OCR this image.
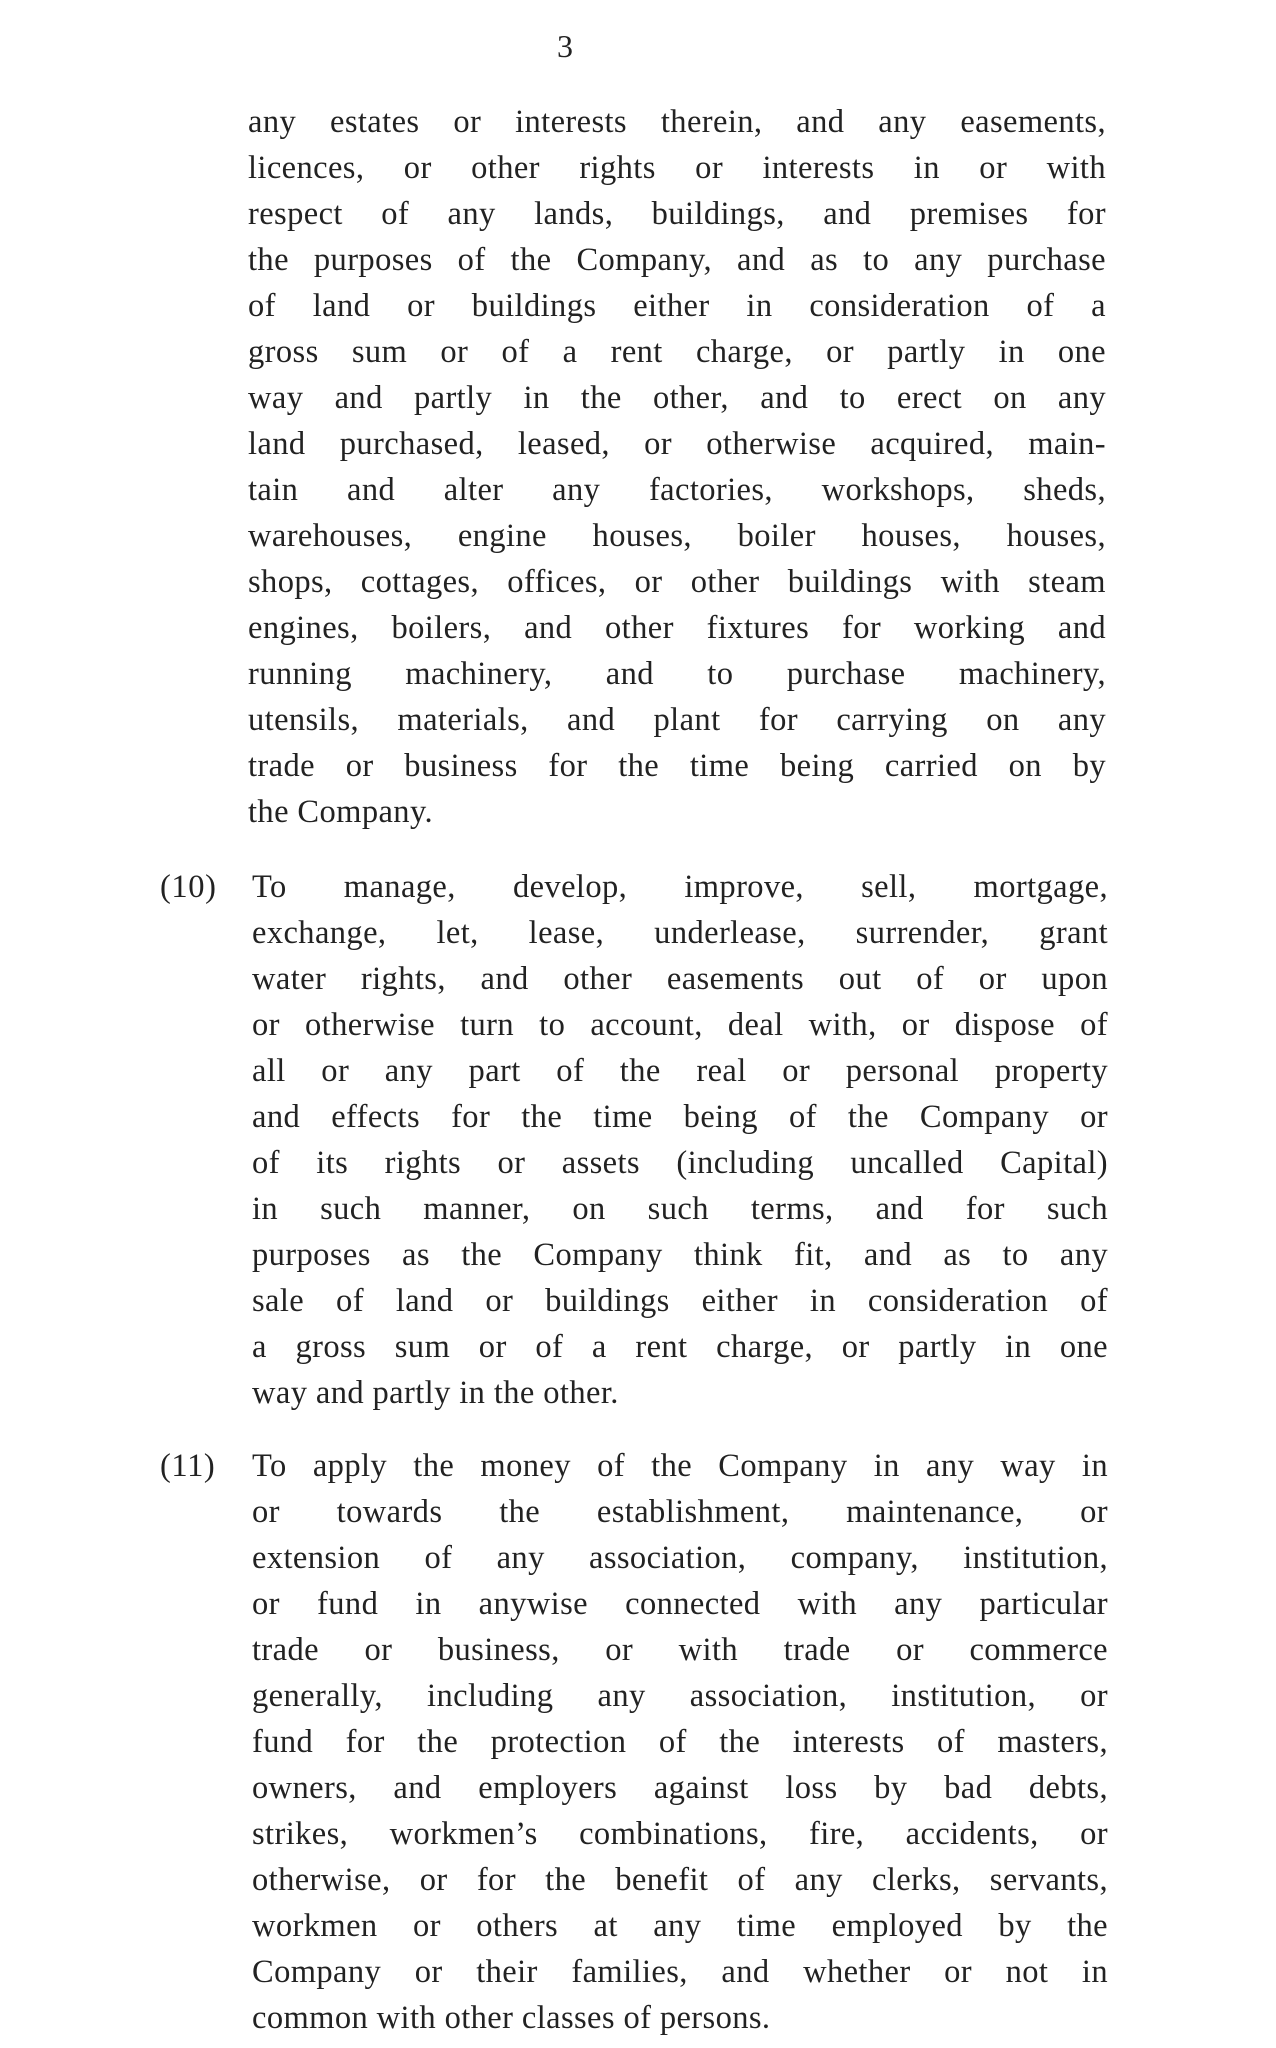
3
any estates or interests therein, and any easements,
licences, or other rights or interests in or with
respect of any lands, buildings, and premises for
the purposes of the Company, and as to any purchase
of land or buildings either in consideration of a
gross sum or of a rent charge, or partly in one
way and partly in the other, and to erect on any
land purchased, leased, or otherwise acquired, main-
tain and alter any factories, workshops, sheds,
warehouses, engine houses, boiler houses, houses,
shops, cottages, offices, or other buildings with steam
engines, boilers, and other fixtures for working and
running machinery, and to purchase machinery,
utensils, materials, and plant for carrying on any
trade or business for the time being carried on by
the Company.
(10) To manage, develop, improve, sell, mortgage,
exchange, let, lease, underlease, surrender, grant
water rights, and other easements out of or upon
or otherwise turn to account, deal with, or dispose of
all or any part of the real or personal property
and effects for the time being of the Company or
of its rights or assets (including uncalled Capital)
in such manner, on such terms, and for such
purposes as the Company think fit, and as to any
sale of land or buildings either in consideration of
a gross sum or of a rent charge, or partly in one
way and partly in the other.
(11) To apply the money of the Company in any way in
or towards the establishment, maintenance, or
extension of any association, company, institution,
or fund in anywise connected with any particular
trade or business, or with trade or commerce
generally, including any association, institution, or
fund for the protection of the interests of masters,
owners, and employers against loss by bad debts,
strikes, workmen’s combinations, fire, accidents, or
otherwise, or for the benefit of any clerks, servants,
workmen or others at any time employed by the
Company or their families, and whether or not in
common with other classes of persons.
